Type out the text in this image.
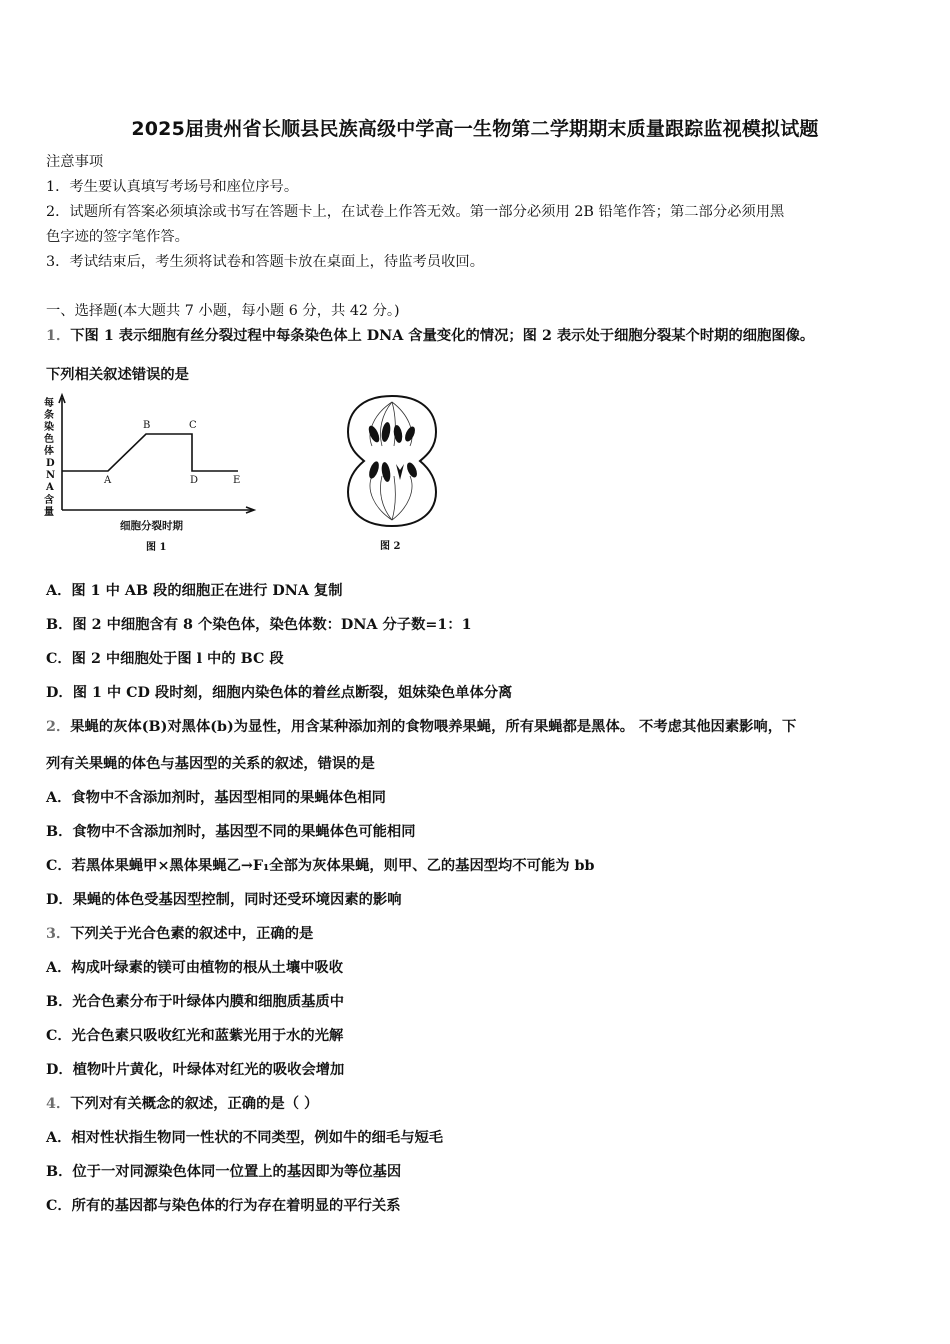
2025届贵州省长顺县民族高级中学高一生物第二学期期末质量跟踪监视模拟试题
注意事项
1．考生要认真填写考场号和座位序号。
2．试题所有答案必须填涂或书写在答题卡上，在试卷上作答无效。第一部分必须用 2B 铅笔作答；第二部分必须用黑
色字迹的签字笔作答。
3．考试结束后，考生须将试卷和答题卡放在桌面上，待监考员收回。
一、选择题(本大题共 7 小题，每小题 6 分，共 42 分。)
1．下图 1 表示细胞有丝分裂过程中每条染色体上 DNA 含量变化的情况；图 2 表示处于细胞分裂某个时期的细胞图像。
下列相关叙述错误的是
每
条
染
色
体
D
N
A
含
量
A
B	C
D	E
细胞分裂时期
图 1	图 2
A．图 1 中 AB 段的细胞正在进行 DNA 复制
B．图 2 中细胞含有 8 个染色体，染色体数：DNA 分子数=1：1
C．图 2 中细胞处于图 l 中的 BC 段
D．图 1 中 CD 段时刻，细胞内染色体的着丝点断裂，姐妹染色单体分离
2．果蝇的灰体(B)对黑体(b)为显性，用含某种添加剂的食物喂养果蝇，所有果蝇都是黑体。 不考虑其他因素影响，下
列有关果蝇的体色与基因型的关系的叙述，错误的是
A．食物中不含添加剂时，基因型相同的果蝇体色相同
B．食物中不含添加剂时，基因型不同的果蝇体色可能相同
C．若黑体果蝇甲×黑体果蝇乙→F₁全部为灰体果蝇，则甲、乙的基因型均不可能为 bb
D．果蝇的体色受基因型控制，同时还受环境因素的影响
3．下列关于光合色素的叙述中，正确的是
A．构成叶绿素的镁可由植物的根从土壤中吸收
B．光合色素分布于叶绿体内膜和细胞质基质中
C．光合色素只吸收红光和蓝紫光用于水的光解
D．植物叶片黄化，叶绿体对红光的吸收会增加
4．下列对有关概念的叙述，正确的是（ ）
A．相对性状指生物同一性状的不同类型，例如牛的细毛与短毛
B．位于一对同源染色体同一位置上的基因即为等位基因
C．所有的基因都与染色体的行为存在着明显的平行关系
